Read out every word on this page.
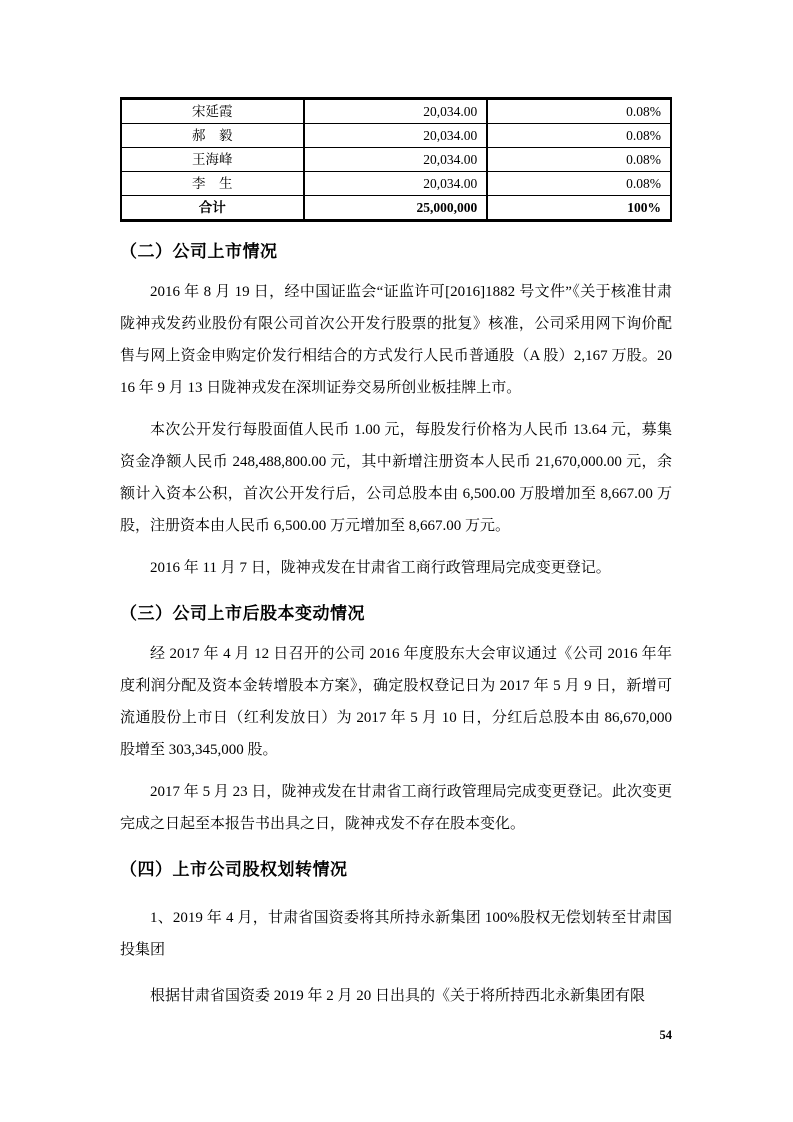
宋延霞	20,034.00	0.08%
郝　毅	20,034.00	0.08%
王海峰	20,034.00	0.08%
李　生	20,034.00	0.08%
合计	25,000,000	100%
（二）公司上市情况
2016 年 8 月 19 日，经中国证监会“证监许可[2016]1882 号文件”《关于核准甘肃陇神戎发药业股份有限公司首次公开发行股票的批复》核准，公司采用网下询价配售与网上资金申购定价发行相结合的方式发行人民币普通股（A 股）2,167 万股。2016 年 9 月 13 日陇神戎发在深圳证券交易所创业板挂牌上市。
本次公开发行每股面值人民币 1.00 元，每股发行价格为人民币 13.64 元，募集资金净额人民币 248,488,800.00 元，其中新增注册资本人民币 21,670,000.00 元，余额计入资本公积，首次公开发行后，公司总股本由 6,500.00 万股增加至 8,667.00 万股，注册资本由人民币 6,500.00 万元增加至 8,667.00 万元。
2016 年 11 月 7 日，陇神戎发在甘肃省工商行政管理局完成变更登记。
（三）公司上市后股本变动情况
经 2017 年 4 月 12 日召开的公司 2016 年度股东大会审议通过《公司 2016 年年度利润分配及资本金转增股本方案》，确定股权登记日为 2017 年 5 月 9 日，新增可流通股份上市日（红利发放日）为 2017 年 5 月 10 日，分红后总股本由 86,670,000 股增至 303,345,000 股。
2017 年 5 月 23 日，陇神戎发在甘肃省工商行政管理局完成变更登记。此次变更完成之日起至本报告书出具之日，陇神戎发不存在股本变化。
（四）上市公司股权划转情况
1、2019 年 4 月，甘肃省国资委将其所持永新集团 100%股权无偿划转至甘肃国投集团
根据甘肃省国资委 2019 年 2 月 20 日出具的《关于将所持西北永新集团有限
54
